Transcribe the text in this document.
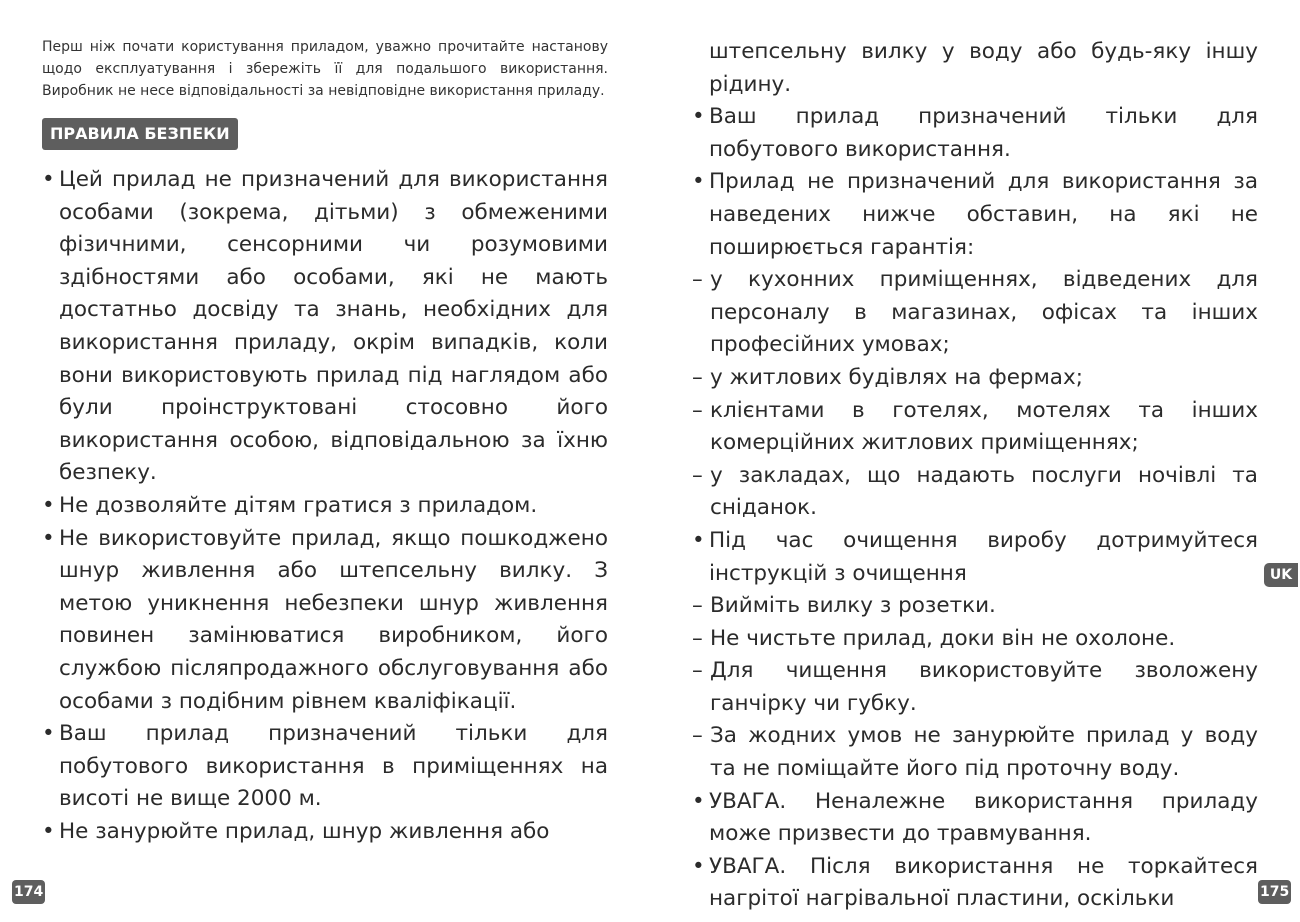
Перш ніж почати користування приладом, уважно прочитайте настанову щодо експлуатування і збережіть її для подальшого використання. Виробник не несе відповідальності за невідповідне використання приладу.

ПРАВИЛА БЕЗПЕКИ
• Цей прилад не призначений для використання особами (зокрема, дітьми) з обмеженими фізичними, сенсорними чи розумовими здібностями або особами, які не мають достатньо досвіду та знань, необхідних для використання приладу, окрім випадків, коли вони використовують прилад під наглядом або були проінструктовані стосовно його використання особою, відповідальною за їхню безпеку.
• Не дозволяйте дітям гратися з приладом.
• Не використовуйте прилад, якщо пошкоджено шнур живлення або штепсельну вилку. З метою уникнення небезпеки шнур живлення повинен замінюватися виробником, його службою післяпродажного обслуговування або особами з подібним рівнем кваліфікації.
• Ваш прилад призначений тільки для побутового використання в приміщеннях на висоті не вище 2000 м.
• Не занурюйте прилад, шнур живлення або
штепсельну вилку у воду або будь-яку іншу рідину.
• Ваш прилад призначений тільки для побутового використання.
• Прилад не призначений для використання за наведених нижче обставин, на які не поширюється гарантія:
– у кухонних приміщеннях, відведених для персоналу в магазинах, офісах та інших професійних умовах;
– у житлових будівлях на фермах;
– клієнтами в готелях, мотелях та інших комерційних житлових приміщеннях;
– у закладах, що надають послуги ночівлі та сніданок.
• Під час очищення виробу дотримуйтеся інструкцій з очищення
– Вийміть вилку з розетки.
– Не чистьте прилад, доки він не охолоне.
– Для чищення використовуйте зволожену ганчірку чи губку.
– За жодних умов не занурюйте прилад у воду та не поміщайте його під проточну воду.
• УВАГА. Неналежне використання приладу може призвести до травмування.
• УВАГА. Після використання не торкайтеся нагрітої нагрівальної пластини, оскільки
174	175
UK
